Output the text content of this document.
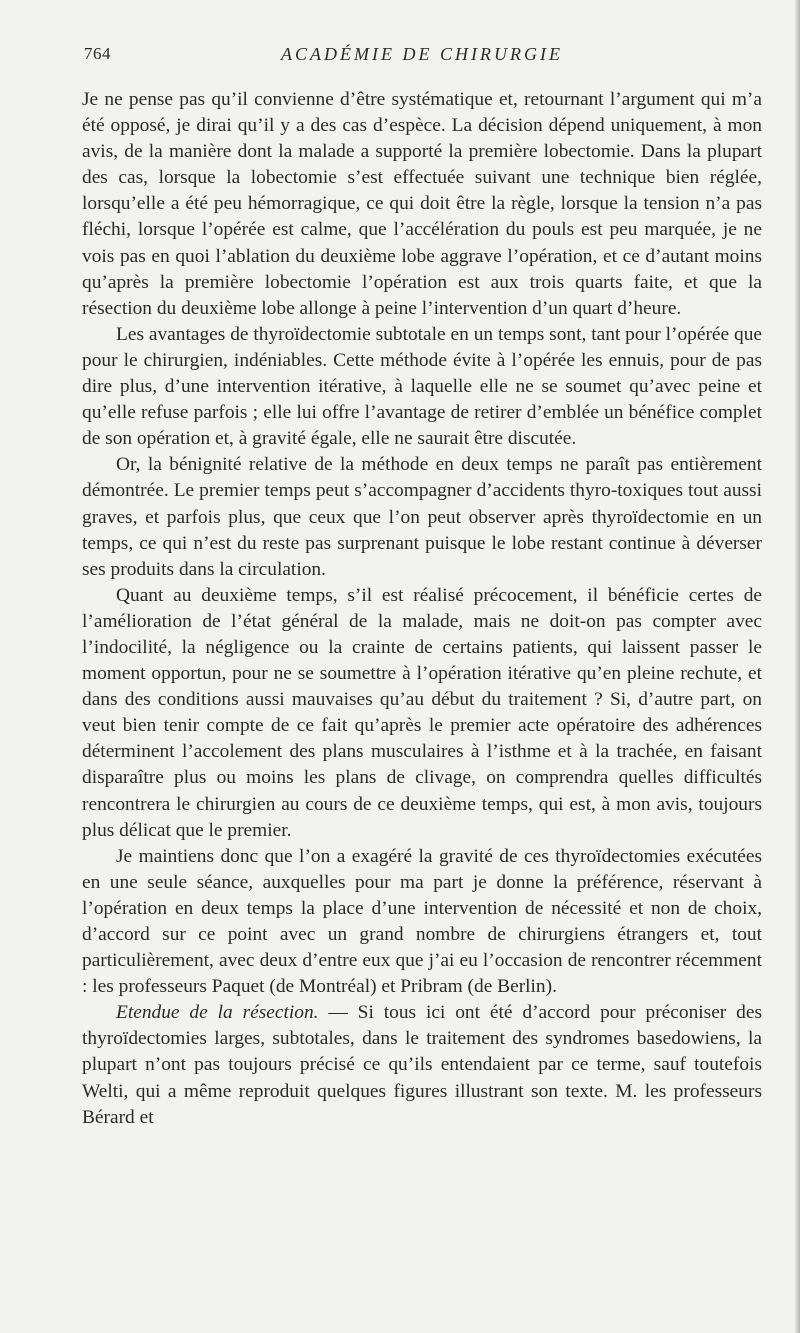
764	ACADÉMIE DE CHIRURGIE

Je ne pense pas qu’il convienne d’être systématique et, retournant l’argument qui m’a été opposé, je dirai qu’il y a des cas d’espèce. La décision dépend uniquement, à mon avis, de la manière dont la malade a supporté la première lobectomie. Dans la plupart des cas, lorsque la lobectomie s’est effectuée suivant une technique bien réglée, lorsqu’elle a été peu hémorragique, ce qui doit être la règle, lorsque la tension n’a pas fléchi, lorsque l’opérée est calme, que l’accélération du pouls est peu marquée, je ne vois pas en quoi l’ablation du deuxième lobe aggrave l’opération, et ce d’autant moins qu’après la première lobectomie l’opération est aux trois quarts faite, et que la résection du deuxième lobe allonge à peine l’intervention d’un quart d’heure.

Les avantages de thyroïdectomie subtotale en un temps sont, tant pour l’opérée que pour le chirurgien, indéniables. Cette méthode évite à l’opérée les ennuis, pour de pas dire plus, d’une intervention itérative, à laquelle elle ne se soumet qu’avec peine et qu’elle refuse parfois ; elle lui offre l’avantage de retirer d’emblée un bénéfice complet de son opération et, à gravité égale, elle ne saurait être discutée.

Or, la bénignité relative de la méthode en deux temps ne paraît pas entièrement démontrée. Le premier temps peut s’accompagner d’accidents thyro-toxiques tout aussi graves, et parfois plus, que ceux que l’on peut observer après thyroïdectomie en un temps, ce qui n’est du reste pas surprenant puisque le lobe restant continue à déverser ses produits dans la circulation.

Quant au deuxième temps, s’il est réalisé précocement, il bénéficie certes de l’amélioration de l’état général de la malade, mais ne doit-on pas compter avec l’indocilité, la négligence ou la crainte de certains patients, qui laissent passer le moment opportun, pour ne se soumettre à l’opération itérative qu’en pleine rechute, et dans des conditions aussi mauvaises qu’au début du traitement ? Si, d’autre part, on veut bien tenir compte de ce fait qu’après le premier acte opératoire des adhérences déterminent l’accolement des plans musculaires à l’isthme et à la trachée, en faisant disparaître plus ou moins les plans de clivage, on comprendra quelles difficultés rencontrera le chirurgien au cours de ce deuxième temps, qui est, à mon avis, toujours plus délicat que le premier.

Je maintiens donc que l’on a exagéré la gravité de ces thyroïdectomies exécutées en une seule séance, auxquelles pour ma part je donne la préférence, réservant à l’opération en deux temps la place d’une intervention de nécessité et non de choix, d’accord sur ce point avec un grand nombre de chirurgiens étrangers et, tout particulièrement, avec deux d’entre eux que j’ai eu l’occasion de rencontrer récemment : les professeurs Paquet (de Montréal) et Pribram (de Berlin).

Etendue de la résection. — Si tous ici ont été d’accord pour préconiser des thyroïdectomies larges, subtotales, dans le traitement des syndromes basedowiens, la plupart n’ont pas toujours précisé ce qu’ils entendaient par ce terme, sauf toutefois Welti, qui a même reproduit quelques figures illustrant son texte. M. les professeurs Bérard et
